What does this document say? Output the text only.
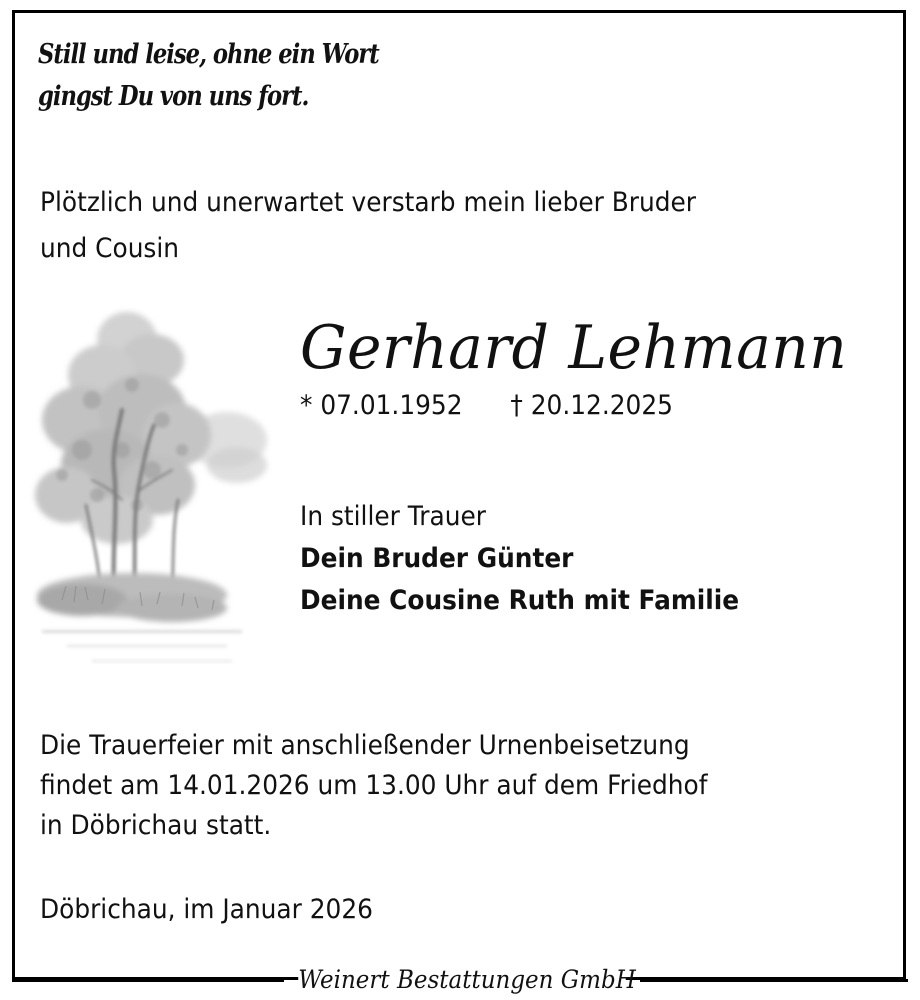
Still und leise, ohne ein Wort
gingst Du von uns fort.
Plötzlich und unerwartet verstarb mein lieber Bruder
und Cousin
Gerhard Lehmann
* 07.01.1952 † 20.12.2025
In stiller Trauer
Dein Bruder Günter
Deine Cousine Ruth mit Familie
Die Trauerfeier mit anschließender Urnenbeisetzung
findet am 14.01.2026 um 13.00 Uhr auf dem Friedhof
in Döbrichau statt.
Döbrichau, im Januar 2026
Weinert Bestattungen GmbH
